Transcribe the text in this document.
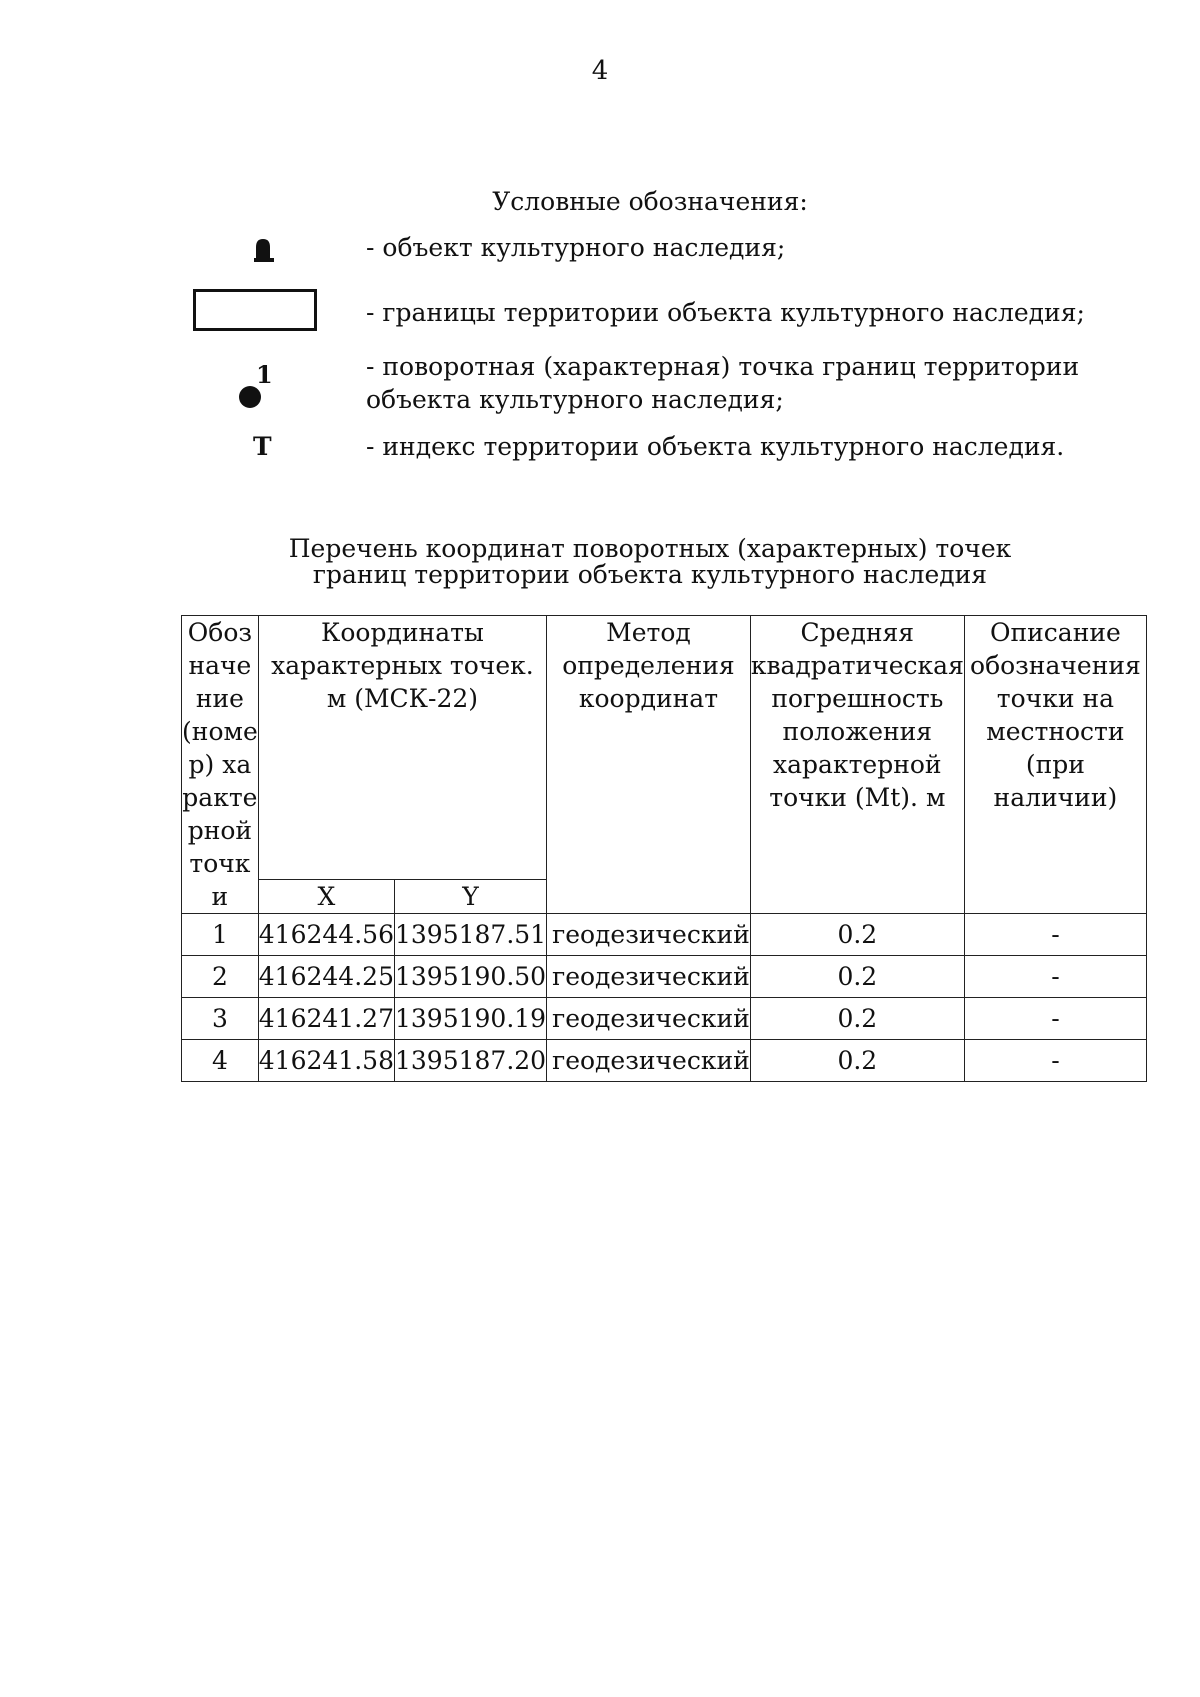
4
Условные обозначения:
- объект культурного наследия;
- границы территории объекта культурного наследия;
1	- поворотная (характерная) точка границ территории объекта культурного наследия;
Т	- индекс территории объекта культурного наследия.
Перечень координат поворотных (характерных) точек
границ территории объекта культурного наследия
Обозначение (номер) характерной точки	Координаты характерных точек. м (МСК-22)		Метод определения координат	Средняя квадратическая погрешность положения характерной точки (Mt). м	Описание обозначения точки на местности (при наличии)
	X	Y			
1	416244.56	1395187.51	геодезический	0.2	-
2	416244.25	1395190.50	геодезический	0.2	-
3	416241.27	1395190.19	геодезический	0.2	-
4	416241.58	1395187.20	геодезический	0.2	-
